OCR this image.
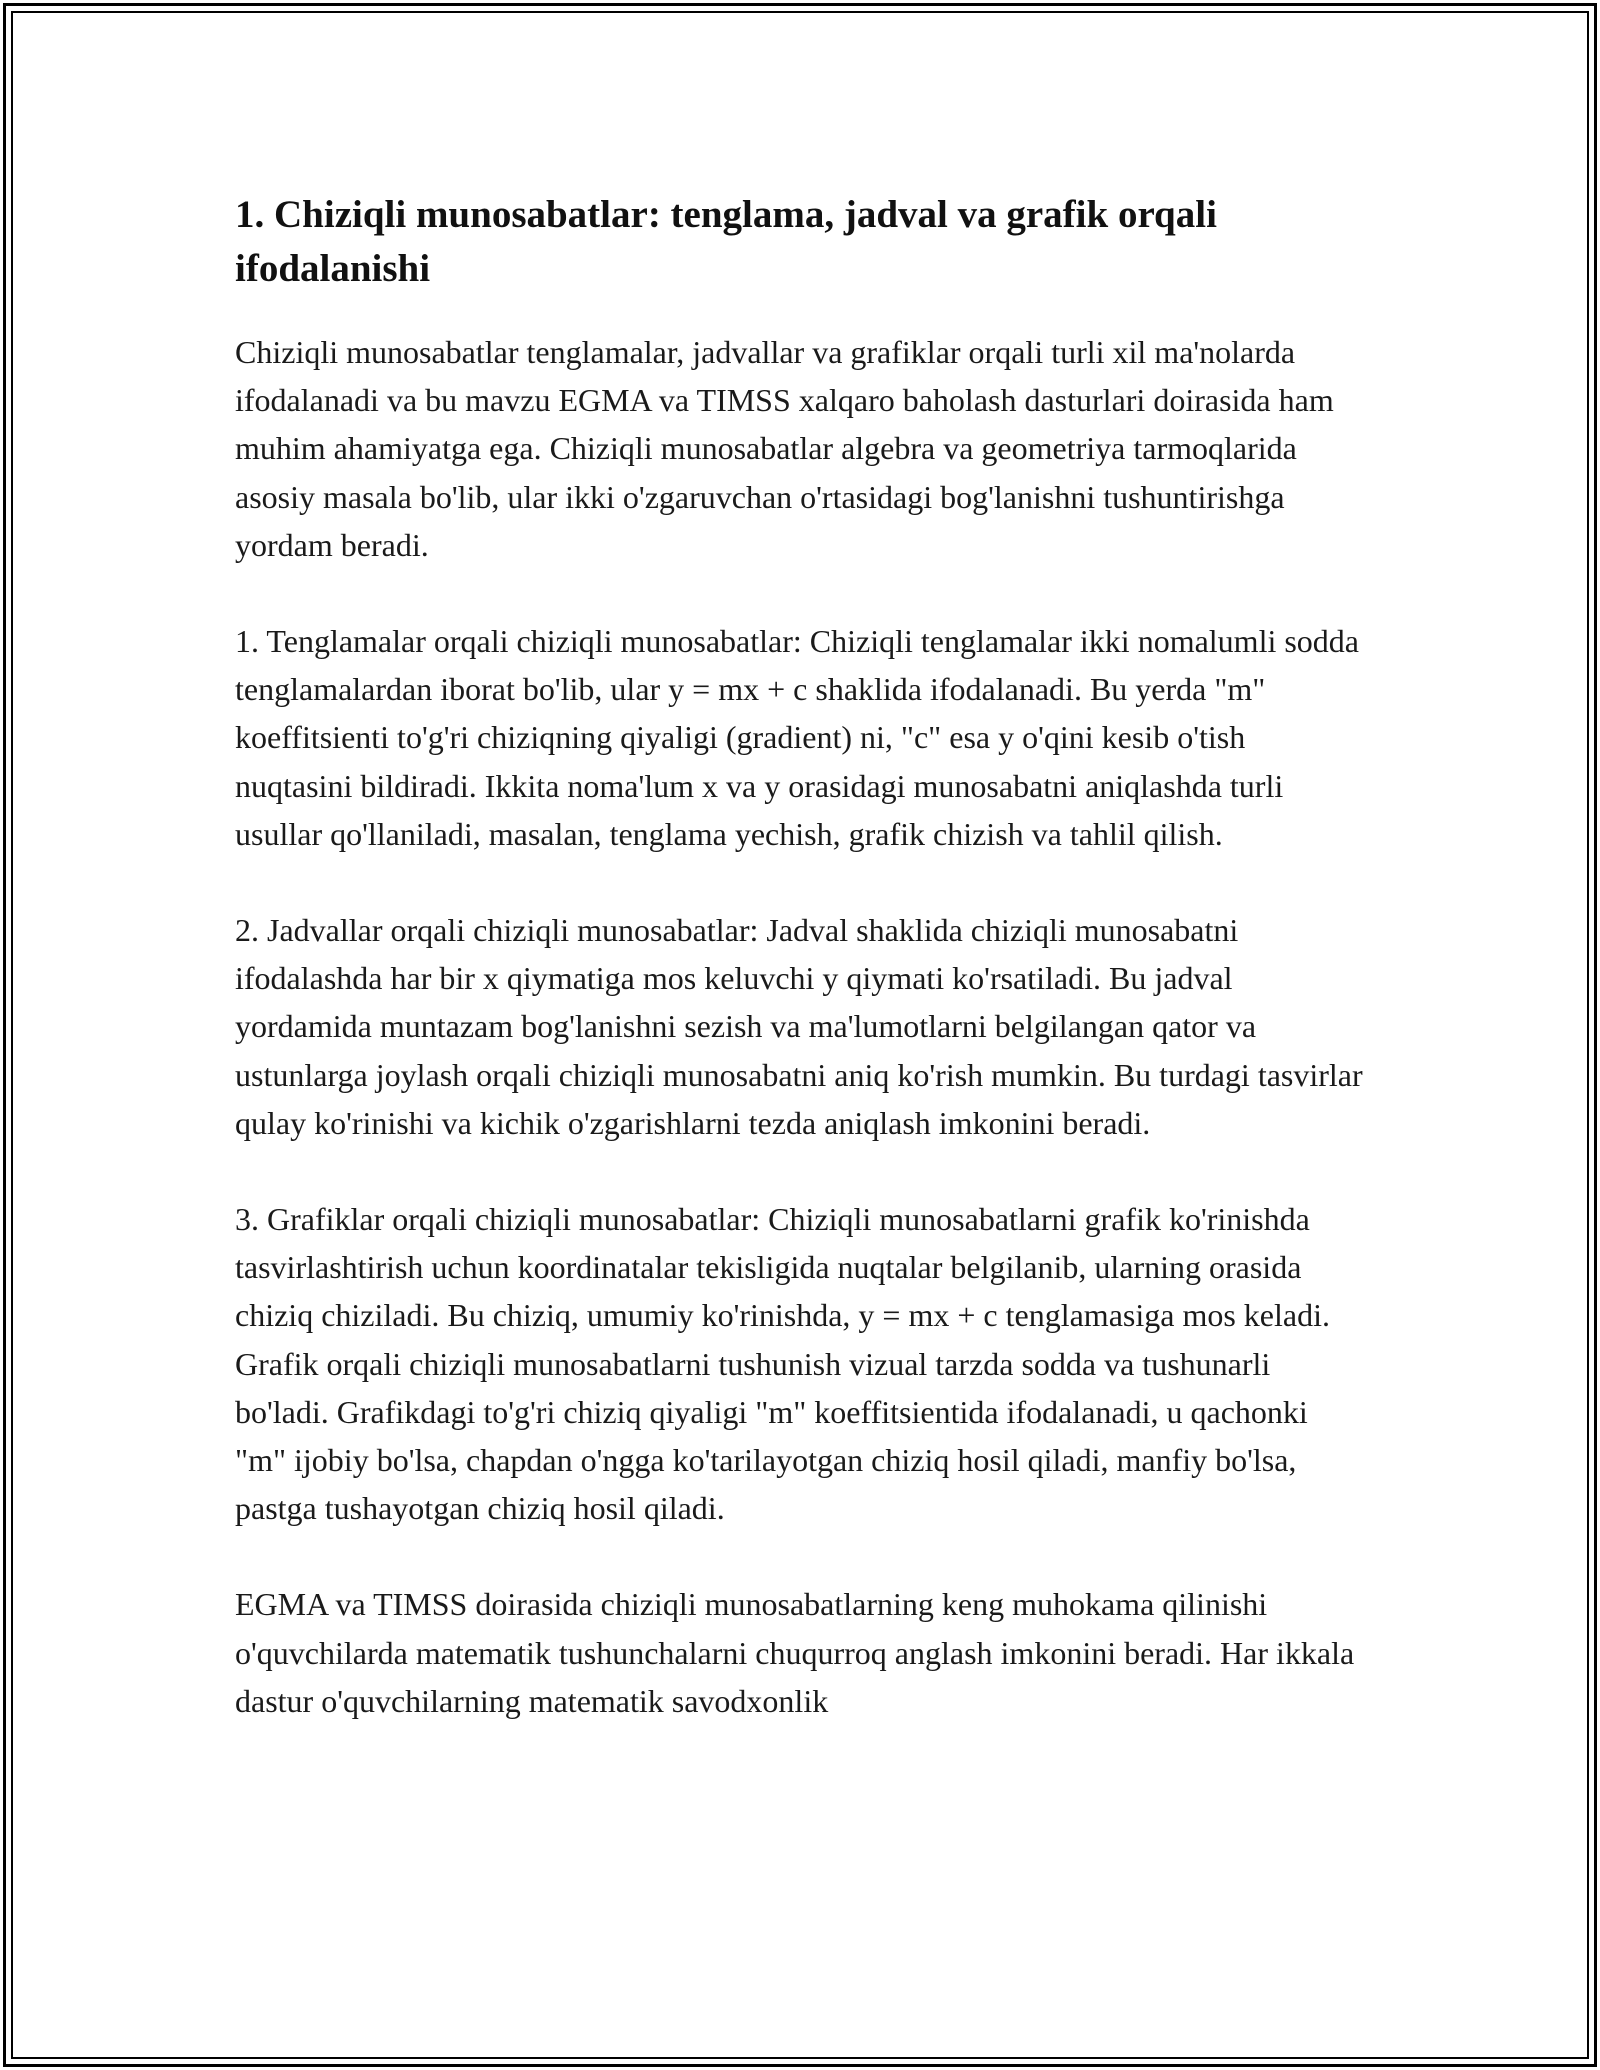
1. Chiziqli munosabatlar: tenglama, jadval va grafik orqali ifodalanishi

Chiziqli munosabatlar tenglamalar, jadvallar va grafiklar orqali turli xil ma'nolarda ifodalanadi va bu mavzu EGMA va TIMSS xalqaro baholash dasturlari doirasida ham muhim ahamiyatga ega. Chiziqli munosabatlar algebra va geometriya tarmoqlarida asosiy masala bo'lib, ular ikki o'zgaruvchan o'rtasidagi bog'lanishni tushuntirishga yordam beradi.

1. Tenglamalar orqali chiziqli munosabatlar: Chiziqli tenglamalar ikki nomalumli sodda tenglamalardan iborat bo'lib, ular y = mx + c shaklida ifodalanadi. Bu yerda "m" koeffitsienti to'g'ri chiziqning qiyaligi (gradient) ni, "c" esa y o'qini kesib o'tish nuqtasini bildiradi. Ikkita noma'lum x va y orasidagi munosabatni aniqlashda turli usullar qo'llaniladi, masalan, tenglama yechish, grafik chizish va tahlil qilish.

2. Jadvallar orqali chiziqli munosabatlar: Jadval shaklida chiziqli munosabatni ifodalashda har bir x qiymatiga mos keluvchi y qiymati ko'rsatiladi. Bu jadval yordamida muntazam bog'lanishni sezish va ma'lumotlarni belgilangan qator va ustunlarga joylash orqali chiziqli munosabatni aniq ko'rish mumkin. Bu turdagi tasvirlar qulay ko'rinishi va kichik o'zgarishlarni tezda aniqlash imkonini beradi.

3. Grafiklar orqali chiziqli munosabatlar: Chiziqli munosabatlarni grafik ko'rinishda tasvirlashtirish uchun koordinatalar tekisligida nuqtalar belgilanib, ularning orasida chiziq chiziladi. Bu chiziq, umumiy ko'rinishda, y = mx + c tenglamasiga mos keladi. Grafik orqali chiziqli munosabatlarni tushunish vizual tarzda sodda va tushunarli bo'ladi. Grafikdagi to'g'ri chiziq qiyaligi "m" koeffitsientida ifodalanadi, u qachonki "m" ijobiy bo'lsa, chapdan o'ngga ko'tarilayotgan chiziq hosil qiladi, manfiy bo'lsa, pastga tushayotgan chiziq hosil qiladi.

EGMA va TIMSS doirasida chiziqli munosabatlarning keng muhokama qilinishi o'quvchilarda matematik tushunchalarni chuqurroq anglash imkonini beradi. Har ikkala dastur o'quvchilarning matematik savodxonlik
